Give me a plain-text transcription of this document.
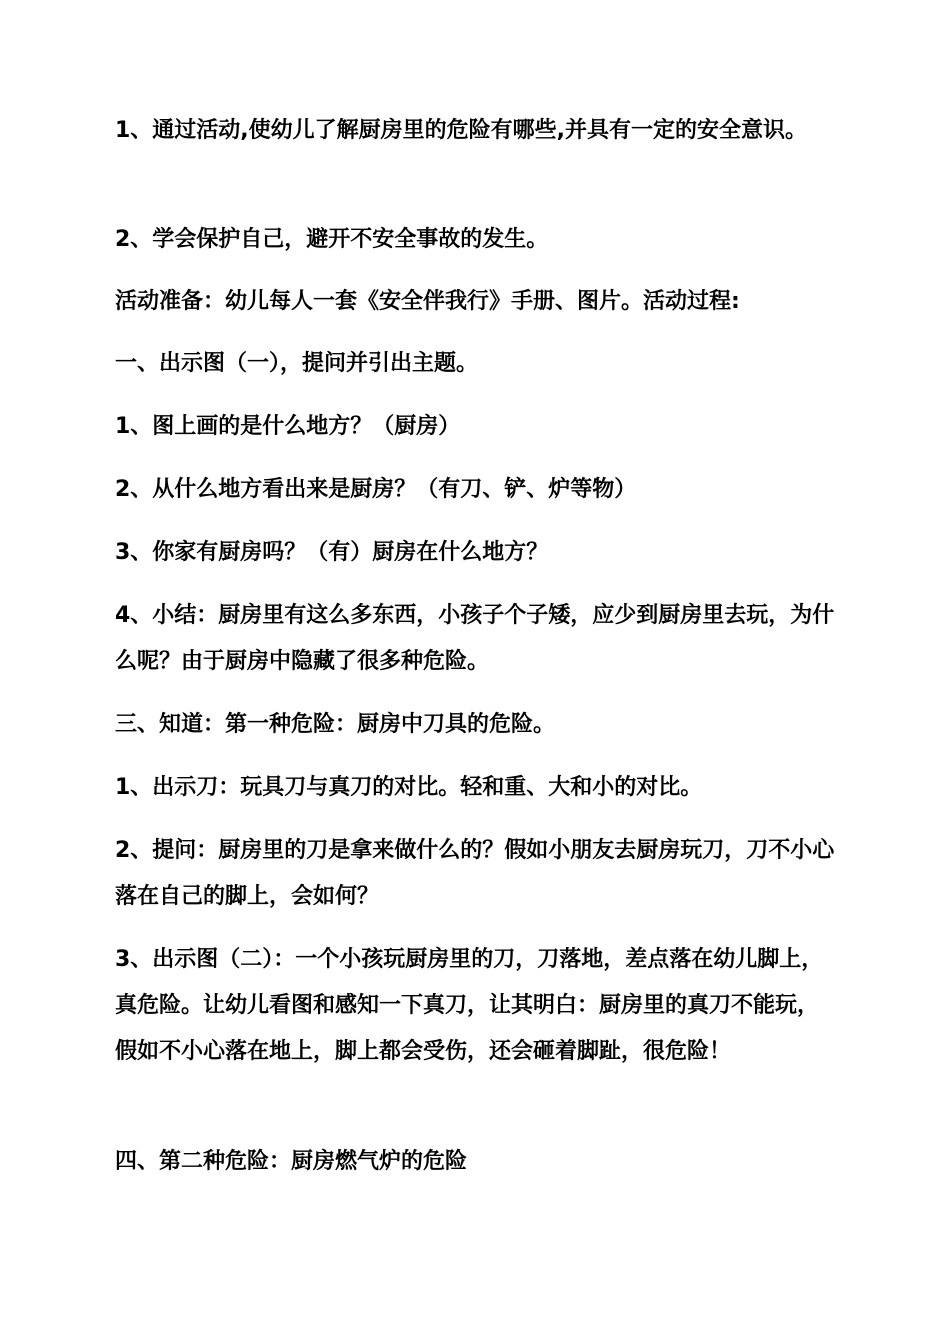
1、通过活动,使幼儿了解厨房里的危险有哪些,并具有一定的安全意识。

2、学会保护自己，避开不安全事故的发生。

活动准备：幼儿每人一套《安全伴我行》手册、图片。活动过程:

一、出示图（一），提问并引出主题。

1、图上画的是什么地方？（厨房）

2、从什么地方看出来是厨房？（有刀、铲、炉等物）

3、你家有厨房吗？（有）厨房在什么地方？

4、小结：厨房里有这么多东西，小孩子个子矮，应少到厨房里去玩，为什么呢？由于厨房中隐藏了很多种危险。

三、知道：第一种危险：厨房中刀具的危险。

1、出示刀：玩具刀与真刀的对比。轻和重、大和小的对比。

2、提问：厨房里的刀是拿来做什么的？假如小朋友去厨房玩刀，刀不小心落在自己的脚上，会如何？

3、出示图（二）：一个小孩玩厨房里的刀，刀落地，差点落在幼儿脚上，真危险。让幼儿看图和感知一下真刀，让其明白：厨房里的真刀不能玩，假如不小心落在地上，脚上都会受伤，还会砸着脚趾，很危险！

四、第二种危险：厨房燃气炉的危险
